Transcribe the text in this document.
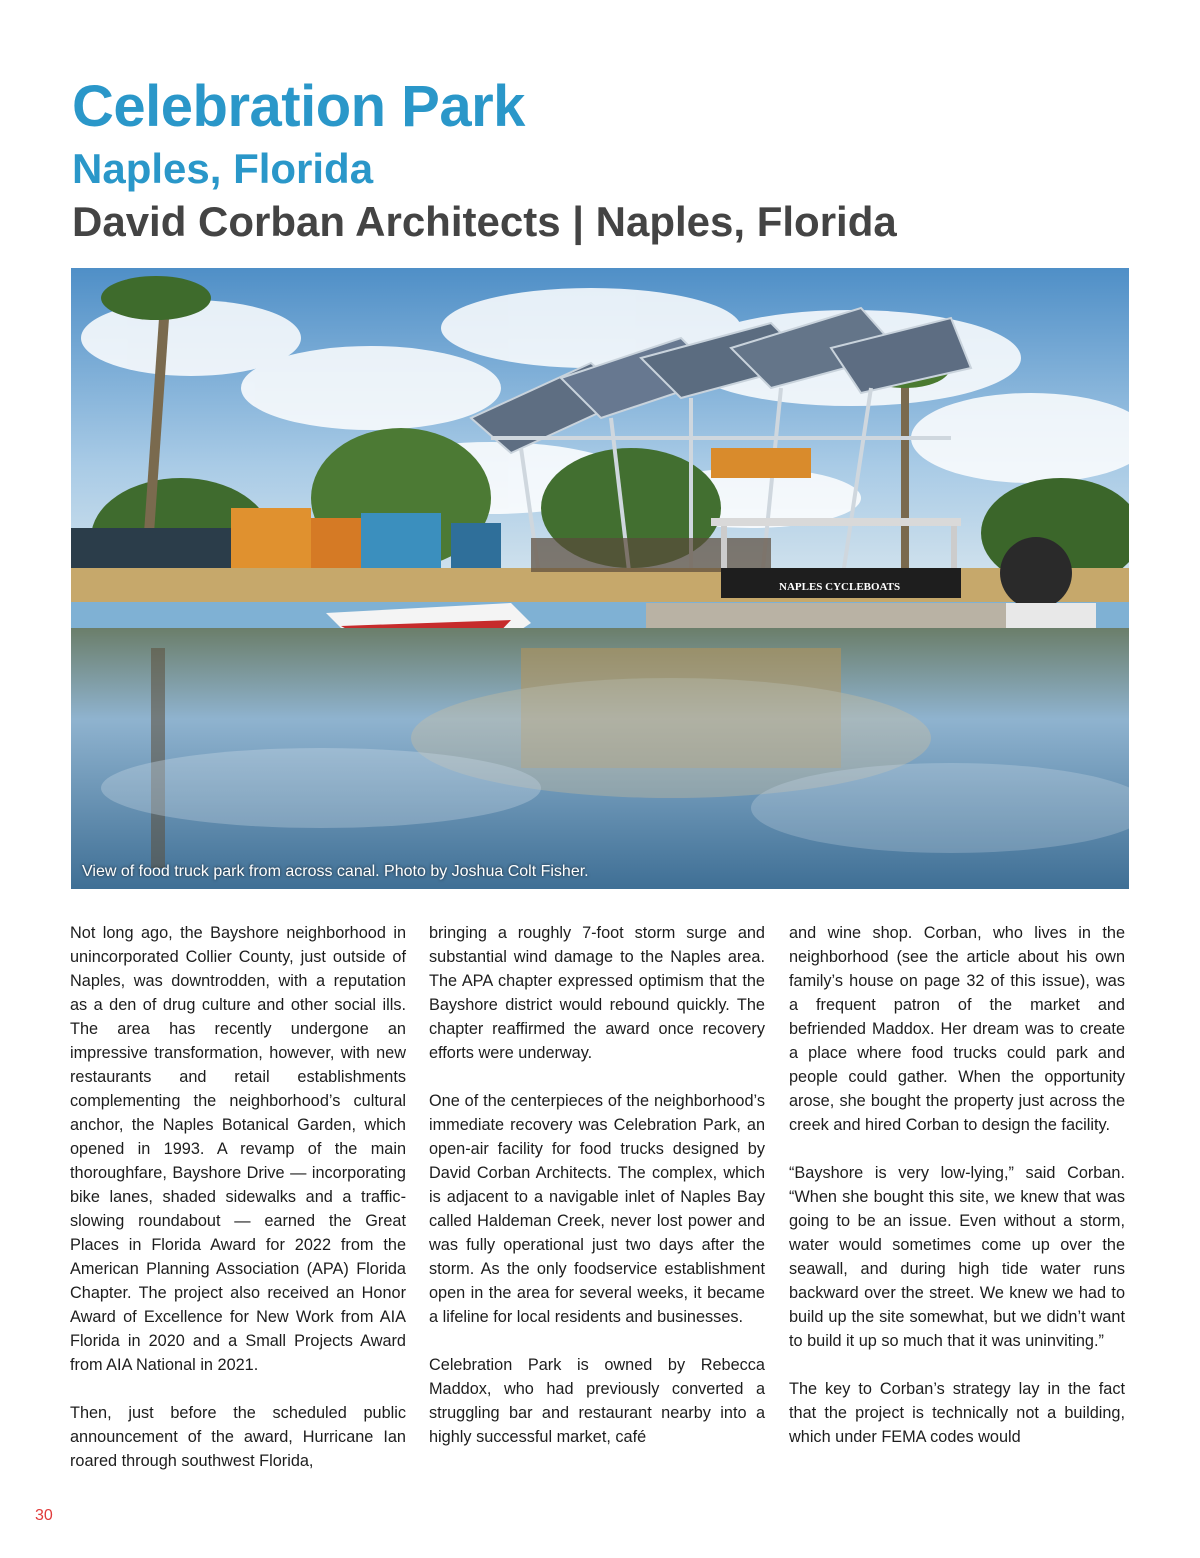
Celebration Park
Naples, Florida
David Corban Architects | Naples, Florida
NAPLES CYCLEBOATS
View of food truck park from across canal. Photo by Joshua Colt Fisher.

Not long ago, the Bayshore neighborhood in unincorporated Collier County, just outside of Naples, was downtrodden, with a reputation as a den of drug culture and other social ills. The area has recently undergone an impressive transformation, however, with new restaurants and retail establishments complementing the neighborhood’s cultural anchor, the Naples Botanical Garden, which opened in 1993. A revamp of the main thoroughfare, Bayshore Drive — incorporating bike lanes, shaded sidewalks and a traffic-slowing roundabout — earned the Great Places in Florida Award for 2022 from the American Planning Association (APA) Florida Chapter. The project also received an Honor Award of Excellence for New Work from AIA Florida in 2020 and a Small Projects Award from AIA National in 2021.

Then, just before the scheduled public announcement of the award, Hurricane Ian roared through southwest Florida,

bringing a roughly 7-foot storm surge and substantial wind damage to the Naples area. The APA chapter expressed optimism that the Bayshore district would rebound quickly. The chapter reaffirmed the award once recovery efforts were underway.

One of the centerpieces of the neighborhood’s immediate recovery was Celebration Park, an open-air facility for food trucks designed by David Corban Architects. The complex, which is adjacent to a navigable inlet of Naples Bay called Haldeman Creek, never lost power and was fully operational just two days after the storm. As the only foodservice establishment open in the area for several weeks, it became a lifeline for local residents and businesses.

Celebration Park is owned by Rebecca Maddox, who had previously converted a struggling bar and restaurant nearby into a highly successful market, café

and wine shop. Corban, who lives in the neighborhood (see the article about his own family’s house on page 32 of this issue), was a frequent patron of the market and befriended Maddox. Her dream was to create a place where food trucks could park and people could gather. When the opportunity arose, she bought the property just across the creek and hired Corban to design the facility.

“Bayshore is very low-lying,” said Corban. “When she bought this site, we knew that was going to be an issue. Even without a storm, water would sometimes come up over the seawall, and during high tide water runs backward over the street. We knew we had to build up the site somewhat, but we didn’t want to build it up so much that it was uninviting.”

The key to Corban’s strategy lay in the fact that the project is technically not a building, which under FEMA codes would

30
